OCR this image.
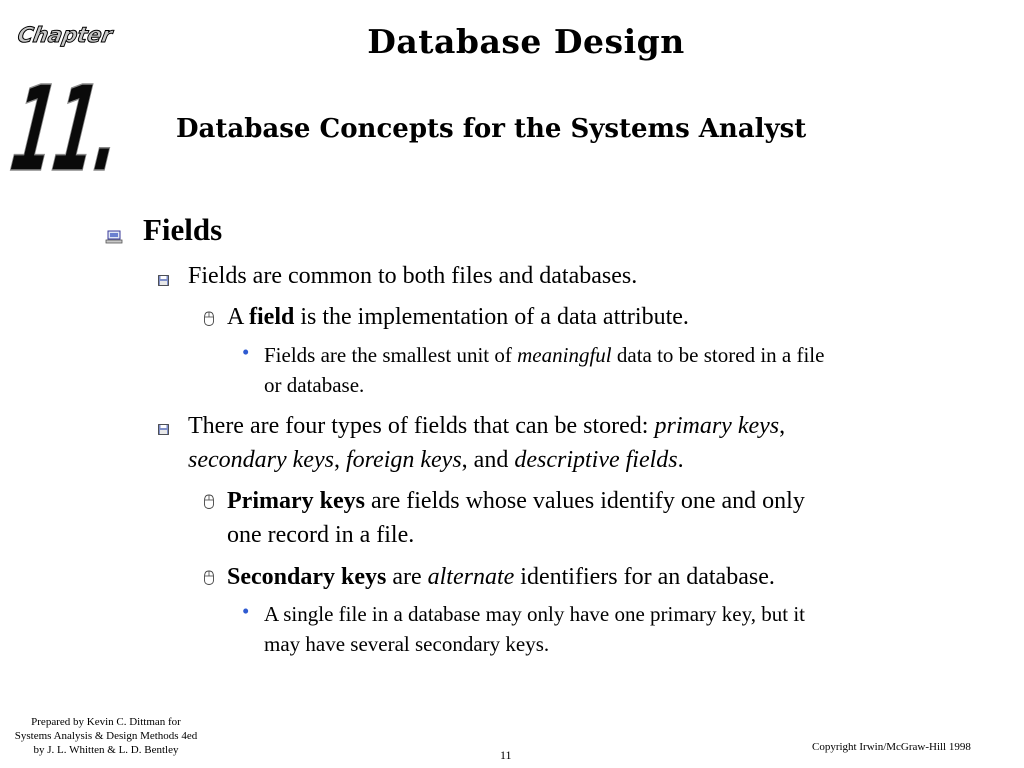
Chapter
11.
Database Design
Database Concepts for the Systems Analyst
Fields
Fields are common to both files and databases.
A field is the implementation of a data attribute.
• Fields are the smallest unit of meaningful data to be stored in a file
or database.
There are four types of fields that can be stored: primary keys,
secondary keys, foreign keys, and descriptive fields.
Primary keys are fields whose values identify one and only
one record in a file.
Secondary keys are alternate identifiers for an database.
• A single file in a database may only have one primary key, but it
may have several secondary keys.
Prepared by Kevin C. Dittman for
Systems Analysis & Design Methods 4ed
by J. L. Whitten & L. D. Bentley	11
Copyright Irwin/McGraw-Hill 1998
